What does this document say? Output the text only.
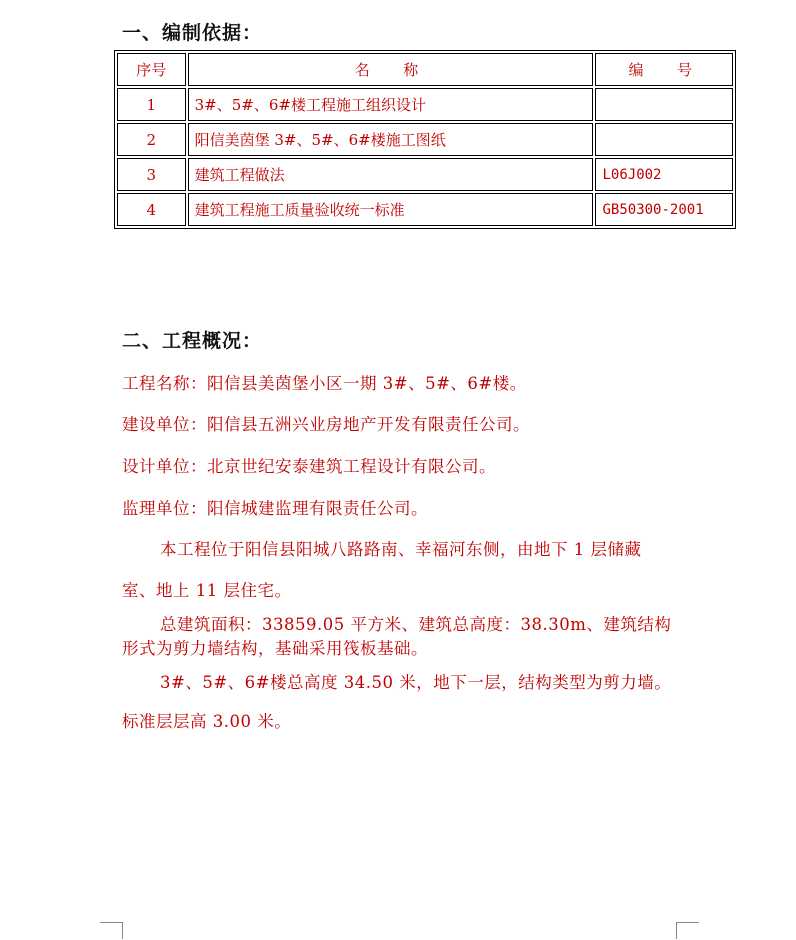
一、编制依据：
序号	名  称	编  号
1	3#、5#、6#楼工程施工组织设计	
2	阳信美茵堡 3#、5#、6#楼施工图纸	
3	建筑工程做法	L06J002
4	建筑工程施工质量验收统一标准	GB50300-2001
二、工程概况：

工程名称：阳信县美茵堡小区一期 3#、5#、6#楼。

建设单位：阳信县五洲兴业房地产开发有限责任公司。

设计单位：北京世纪安泰建筑工程设计有限公司。

监理单位：阳信城建监理有限责任公司。

本工程位于阳信县阳城八路路南、幸福河东侧，由地下 1 层储藏

室、地上 11 层住宅。

总建筑面积：33859.05 平方米、建筑总高度：38.30m、建筑结构

形式为剪力墙结构，基础采用筏板基础。

3#、5#、6#楼总高度 34.50 米，地下一层，结构类型为剪力墙。

标准层层高 3.00 米。
